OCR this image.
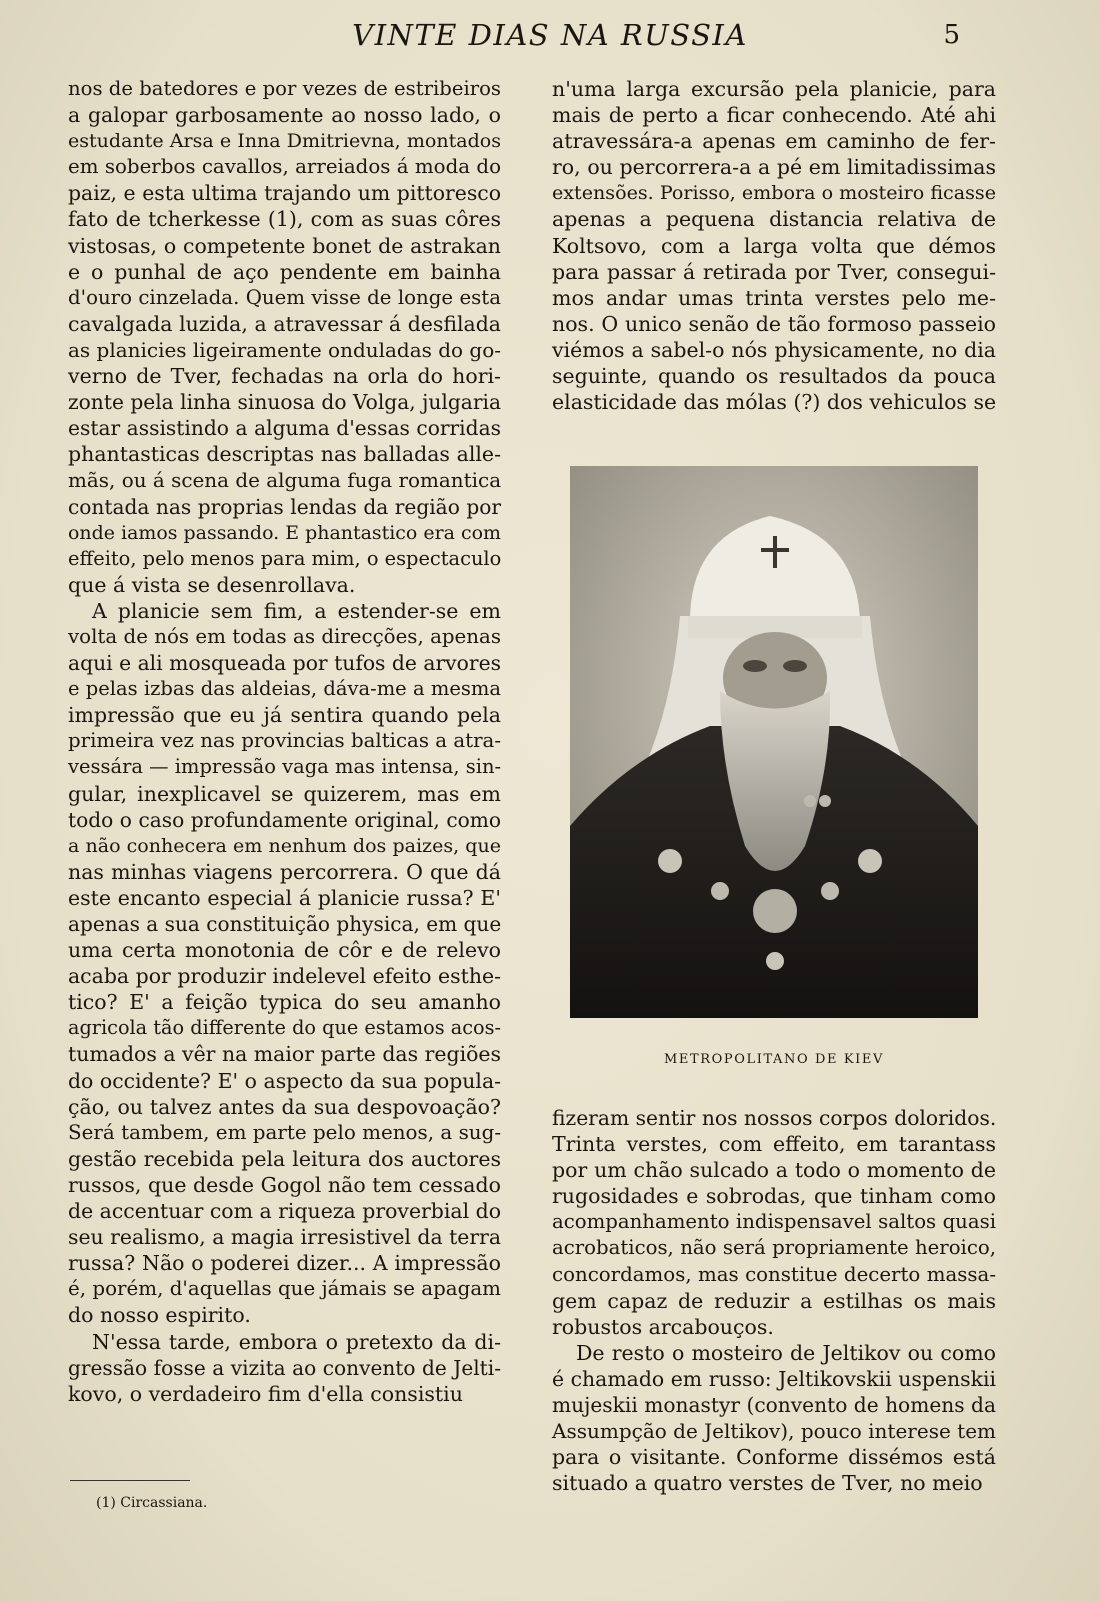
VINTE DIAS NA RUSSIA	5
nos de batedores e por vezes de estribeiros
a galopar garbosamente ao nosso lado, o
estudante Arsa e Inna Dmitrievna, montados
em soberbos cavallos, arreiados á moda do
paiz, e esta ultima trajando um pittoresco
fato de tcherkesse (1), com as suas côres
vistosas, o competente bonet de astrakan
e o punhal de aço pendente em bainha
d'ouro cinzelada. Quem visse de longe esta
cavalgada luzida, a atravessar á desfilada
as planicies ligeiramente onduladas do go-
verno de Tver, fechadas na orla do hori-
zonte pela linha sinuosa do Volga, julgaria
estar assistindo a alguma d'essas corridas
phantasticas descriptas nas balladas alle-
mãs, ou á scena de alguma fuga romantica
contada nas proprias lendas da região por
onde iamos passando. E phantastico era com
effeito, pelo menos para mim, o espectaculo
que á vista se desenrollava.
A planicie sem fim, a estender-se em
volta de nós em todas as direcções, apenas
aqui e ali mosqueada por tufos de arvores
e pelas izbas das aldeias, dáva-me a mesma
impressão que eu já sentira quando pela
primeira vez nas provincias balticas a atra-
vessára — impressão vaga mas intensa, sin-
gular, inexplicavel se quizerem, mas em
todo o caso profundamente original, como
a não conhecera em nenhum dos paizes, que
nas minhas viagens percorrera. O que dá
este encanto especial á planicie russa? E'
apenas a sua constituição physica, em que
uma certa monotonia de côr e de relevo
acaba por produzir indelevel efeito esthe-
tico? E' a feição typica do seu amanho
agricola tão differente do que estamos acos-
tumados a vêr na maior parte das regiões
do occidente? E' o aspecto da sua popula-
ção, ou talvez antes da sua despovoação?
Será tambem, em parte pelo menos, a sug-
gestão recebida pela leitura dos auctores
russos, que desde Gogol não tem cessado
de accentuar com a riqueza proverbial do
seu realismo, a magia irresistivel da terra
russa? Não o poderei dizer... A impressão
é, porém, d'aquellas que jámais se apagam
do nosso espirito.
N'essa tarde, embora o pretexto da di-
gressão fosse a vizita ao convento de Jelti-
kovo, o verdadeiro fim d'ella consistiu
n'uma larga excursão pela planicie, para
mais de perto a ficar conhecendo. Até ahi
atravessára-a apenas em caminho de fer-
ro, ou percorrera-a a pé em limitadissimas
extensões. Porisso, embora o mosteiro ficasse
apenas a pequena distancia relativa de
Koltsovo, com a larga volta que démos
para passar á retirada por Tver, consegui-
mos andar umas trinta verstes pelo me-
nos. O unico senão de tão formoso passeio
viémos a sabel-o nós physicamente, no dia
seguinte, quando os resultados da pouca
elasticidade das mólas (?) dos vehiculos se
METROPOLITANO DE KIEV
fizeram sentir nos nossos corpos doloridos.
Trinta verstes, com effeito, em tarantass
por um chão sulcado a todo o momento de
rugosidades e sobrodas, que tinham como
acompanhamento indispensavel saltos quasi
acrobaticos, não será propriamente heroico,
concordamos, mas constitue decerto massa-
gem capaz de reduzir a estilhas os mais
robustos arcabouços.
De resto o mosteiro de Jeltikov ou como
é chamado em russo: Jeltikovskii uspenskii
mujeskii monastyr (convento de homens da
Assumpção de Jeltikov), pouco interese tem
para o visitante. Conforme dissémos está
situado a quatro verstes de Tver, no meio
(1) Circassiana.
